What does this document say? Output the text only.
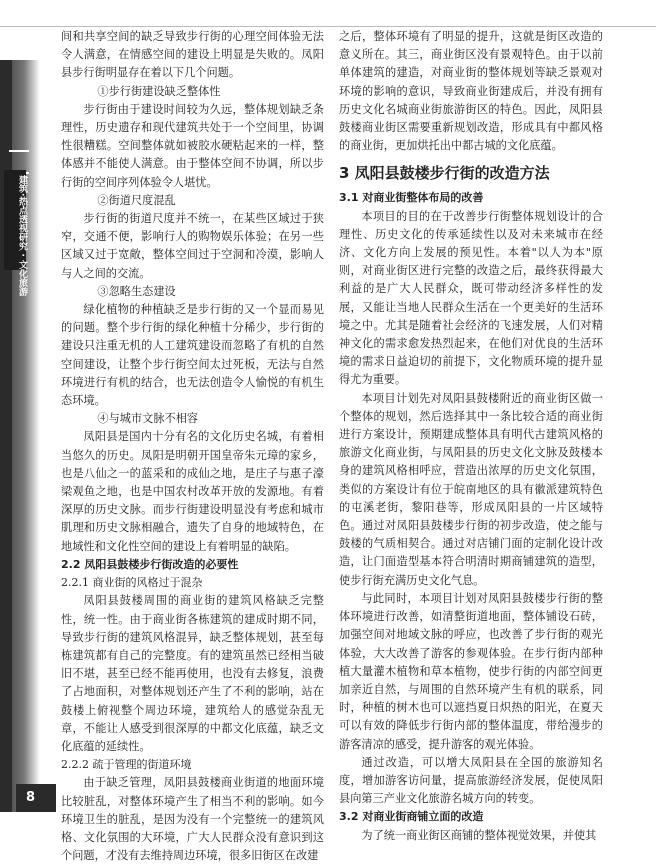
建筑·热点透视研究 · 文化旅游
8

间和共享空间的缺乏导致步行街的心理空间体验无法令人满意，在情感空间的建设上明显是失败的。凤阳县步行街明显存在着以下几个问题。

①步行街建设缺乏整体性

步行街由于建设时间较为久远，整体规划缺乏条理性，历史遗存和现代建筑共处于一个空间里，协调性很糟糕。空间整体就如被胶水硬粘起来的一样，整体感并不能使人满意。由于整体空间不协调，所以步行街的空间序列体验令人堪忧。

②街道尺度混乱

步行街的街道尺度并不统一，在某些区域过于狭窄，交通不便，影响行人的购物娱乐体验；在另一些区域又过于宽敞，整体空间过于空洞和冷漠，影响人与人之间的交流。

③忽略生态建设

绿化植物的种植缺乏是步行街的又一个显而易见的问题。整个步行街的绿化种植十分稀少，步行街的建设只注重无机的人工建筑建设而忽略了有机的自然空间建设，让整个步行街空间太过死板，无法与自然环境进行有机的结合，也无法创造令人愉悦的有机生态环境。

④与城市文脉不相容

凤阳县是国内十分有名的文化历史名城，有着相当悠久的历史。凤阳是明朝开国皇帝朱元璋的家乡，也是八仙之一的蓝采和的成仙之地，是庄子与惠子濠梁观鱼之地，也是中国农村改革开放的发源地。有着深厚的历史文脉。而步行街建设明显没有考虑和城市肌理和历史文脉相融合，遗失了自身的地域特色，在地域性和文化性空间的建设上有着明显的缺陷。

2.2 凤阳县鼓楼步行街改造的必要性

2.2.1 商业街的风格过于混杂

凤阳县鼓楼周围的商业街的建筑风格缺乏完整性，统一性。由于商业街各栋建筑的建成时期不同，导致步行街的建筑风格混异，缺乏整体规划，甚至每栋建筑都有自己的完整度。有的建筑虽然已经相当破旧不堪，甚至已经不能再使用，也没有去修复，浪费了占地面积，对整体规划还产生了不利的影响，站在鼓楼上俯视整个周边环境，建筑给人的感觉杂乱无章，不能让人感受到很深厚的中都文化底蕴，缺乏文化底蕴的延续性。

2.2.2 疏于管理的街道环境

由于缺乏管理，凤阳县鼓楼商业街道的地面环境比较脏乱，对整体环境产生了相当不利的影响。如今环境卫生的脏乱，是因为没有一个完整统一的建筑风格、文化氛围的大环境，广大人民群众没有意识到这个问题，才没有去维持周边环境，很多旧街区在改建

之后，整体环境有了明显的提升，这就是街区改造的意义所在。其三，商业街区没有景观特色。由于以前单体建筑的建造，对商业街的整体规划等缺乏景观对环境的影响的意识，导致商业街建成后，并没有拥有历史文化名城商业街旅游街区的特色。因此，凤阳县鼓楼商业街区需要重新规划改造，形成具有中都风格的商业街，更加烘托出中都古城的文化底蕴。

3 凤阳县鼓楼步行街的改造方法

3.1 对商业街整体布局的改善

本项目的目的在于改善步行街整体规划设计的合理性、历史文化的传承延续性以及对未来城市在经济、文化方向上发展的预见性。本着"以人为本"原则，对商业街区进行完整的改造之后，最终获得最大利益的是广大人民群众，既可带动经济多样性的发展，又能让当地人民群众生活在一个更美好的生活环境之中。尤其是随着社会经济的飞速发展，人们对精神文化的需求愈发热烈起来，在他们对优良的生活环境的需求日益迫切的前提下，文化物质环境的提升显得尤为重要。

本项目计划先对凤阳县鼓楼附近的商业街区做一个整体的规划，然后选择其中一条比较合适的商业街进行方案设计，预期建成整体具有明代古建筑风格的旅游文化商业街，与凤阳县的历史文化文脉及鼓楼本身的建筑风格相呼应，营造出浓厚的历史文化氛围，类似的方案设计有位于皖南地区的具有徽派建筑特色的屯溪老街，黎阳巷等，形成凤阳县的一片区域特色。通过对凤阳县鼓楼步行街的初步改造，使之能与鼓楼的气质相契合。通过对店铺门面的定制化设计改造，让门面造型基本符合明清时期商铺建筑的造型，使步行街充满历史文化气息。

与此同时，本项目计划对凤阳县鼓楼步行街的整体环境进行改善，如清整街道地面，整体铺设石砖，加强空间对地域文脉的呼应，也改善了步行街的观光体验，大大改善了游客的参观体验。在步行街内部种植大量灌木植物和草本植物，使步行街的内部空间更加亲近自然，与周围的自然环境产生有机的联系，同时，种植的树木也可以遮挡夏日炽热的阳光，在夏天可以有效的降低步行街内部的整体温度，带给漫步的游客清凉的感受，提升游客的观光体验。

通过改造，可以增大凤阳县在全国的旅游知名度，增加游客访问量，提高旅游经济发展，促使凤阳县向第三产业文化旅游名城方向的转变。

3.2 对商业街商铺立面的改造

为了统一商业街区商铺的整体视觉效果，并使其
